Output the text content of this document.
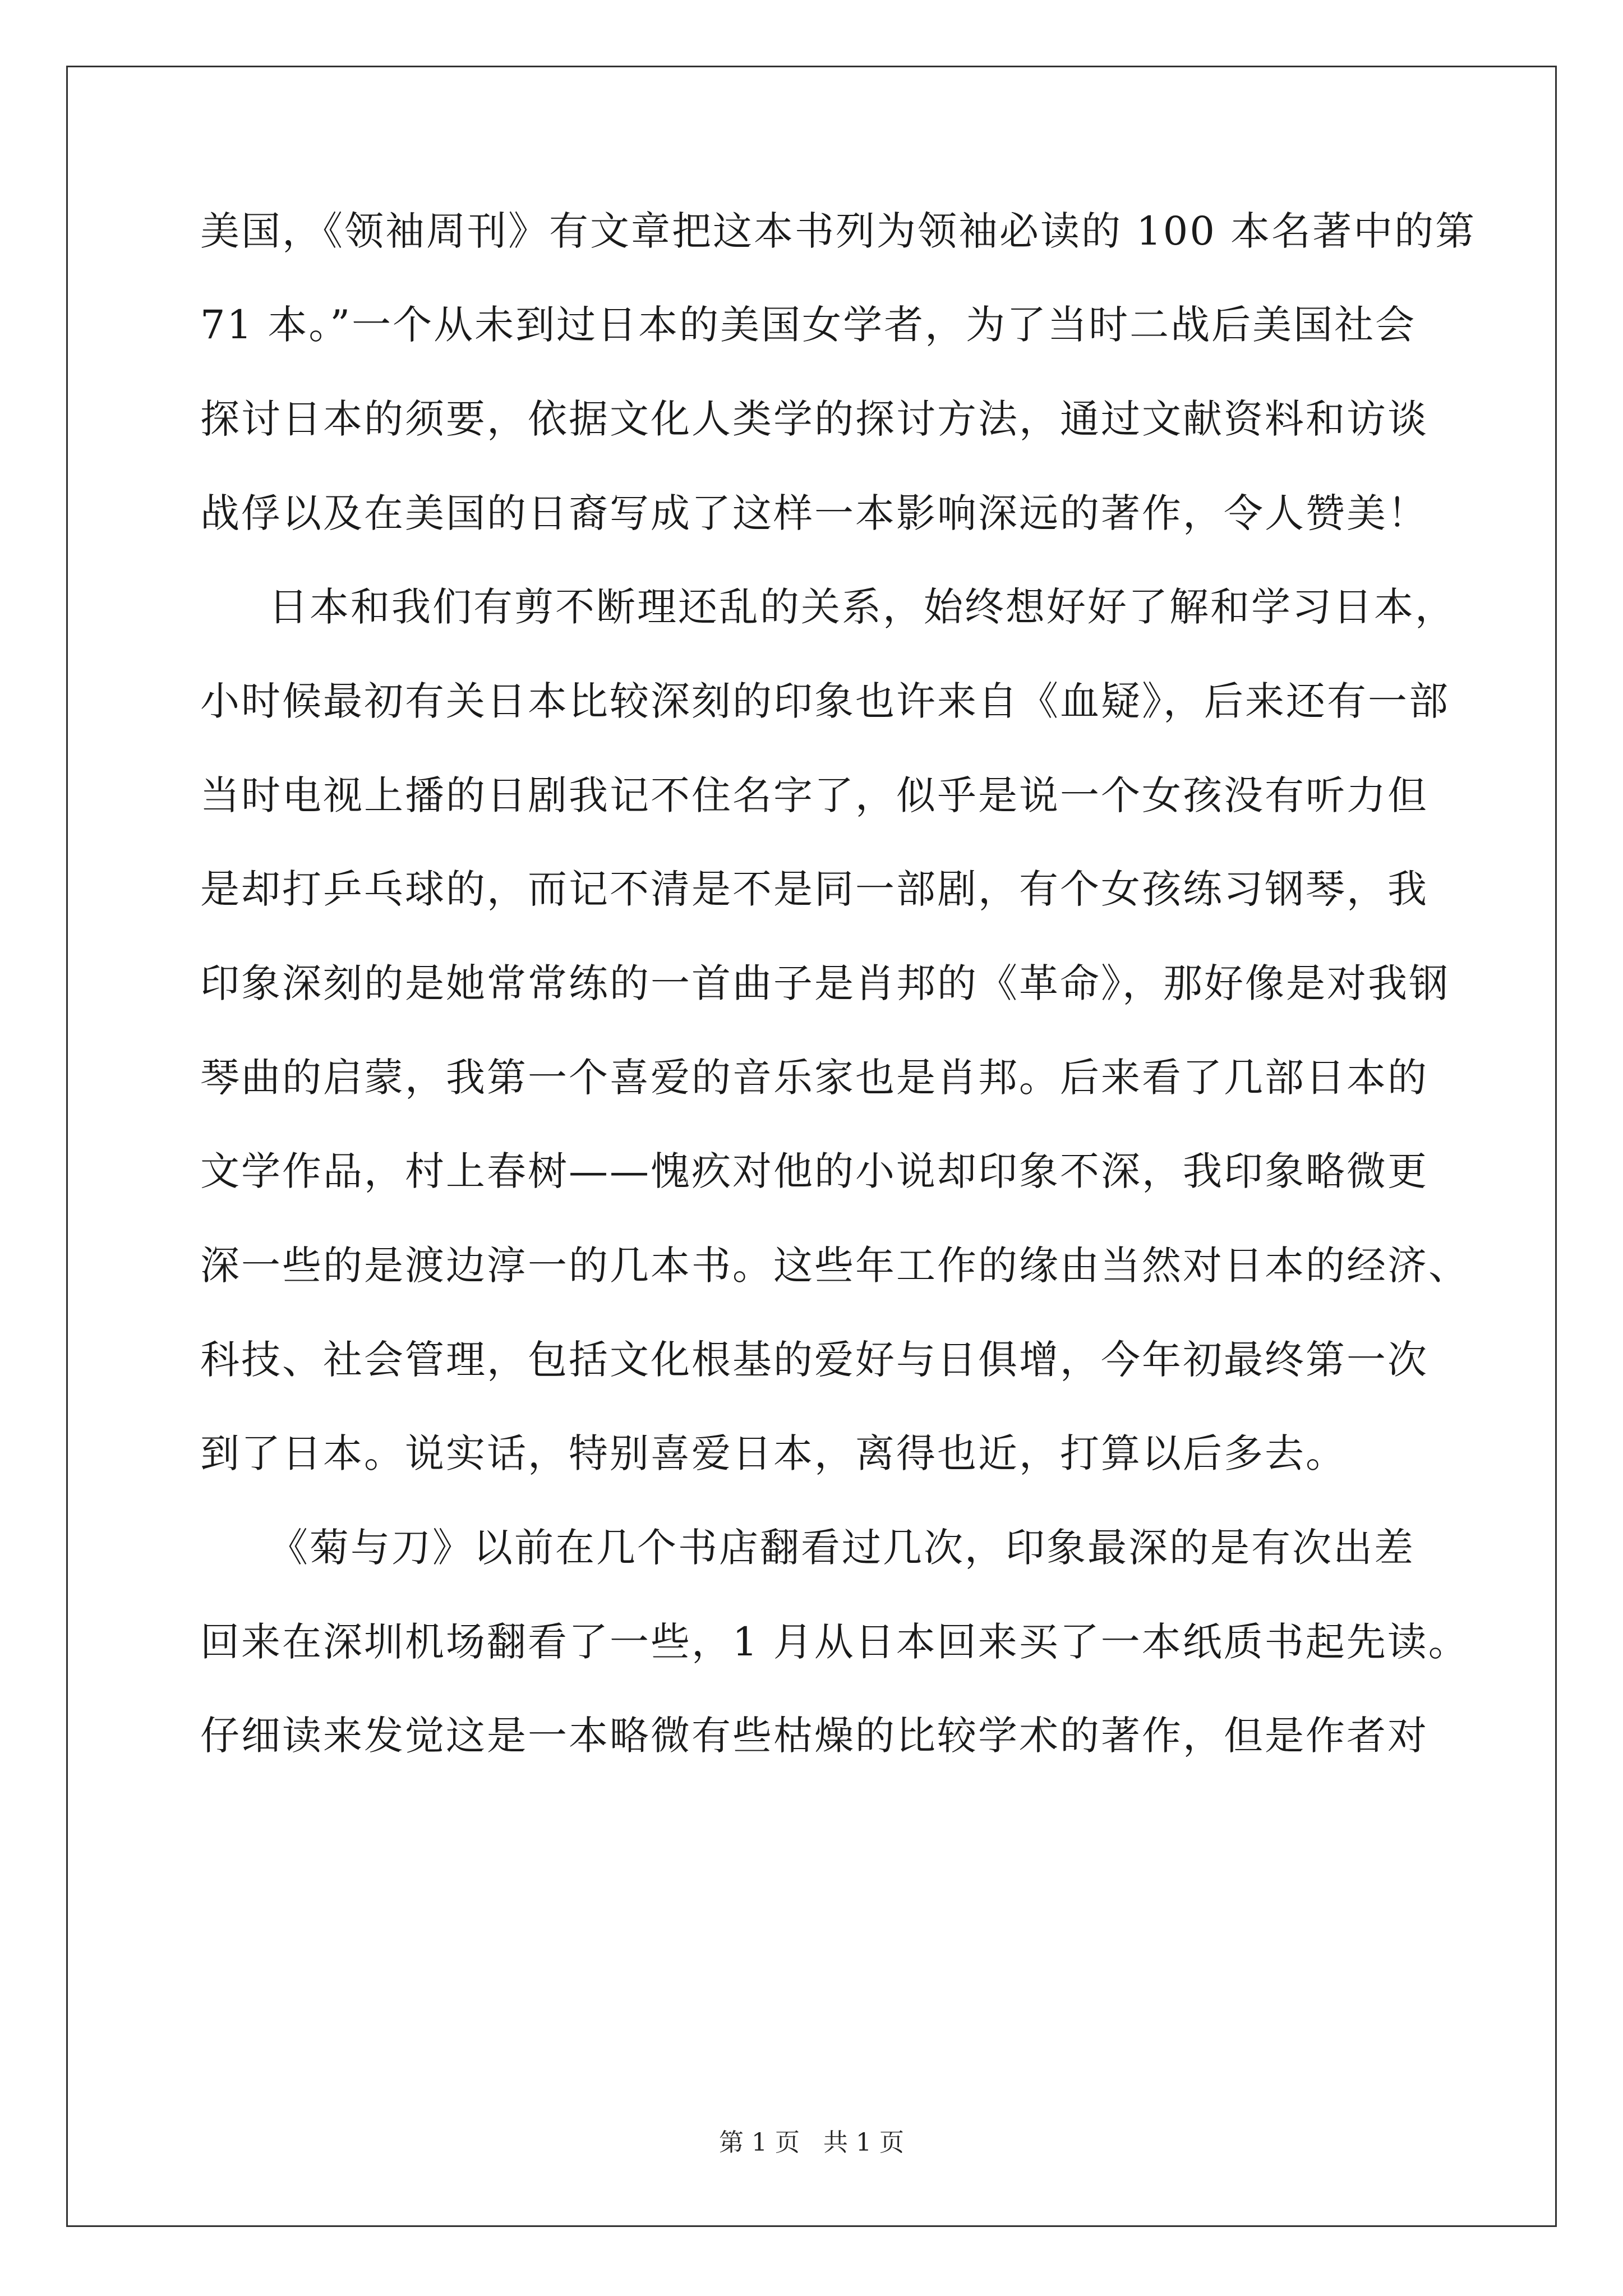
美国，《领袖周刊》有文章把这本书列为领袖必读的 100 本名著中的第
71 本。”一个从未到过日本的美国女学者，为了当时二战后美国社会
探讨日本的须要，依据文化人类学的探讨方法，通过文献资料和访谈
战俘以及在美国的日裔写成了这样一本影响深远的著作，令人赞美！
日本和我们有剪不断理还乱的关系，始终想好好了解和学习日本，
小时候最初有关日本比较深刻的印象也许来自《血疑》，后来还有一部
当时电视上播的日剧我记不住名字了，似乎是说一个女孩没有听力但
是却打乒乓球的，而记不清是不是同一部剧，有个女孩练习钢琴，我
印象深刻的是她常常练的一首曲子是肖邦的《革命》，那好像是对我钢
琴曲的启蒙，我第一个喜爱的音乐家也是肖邦。后来看了几部日本的
文学作品，村上春树——愧疚对他的小说却印象不深，我印象略微更
深一些的是渡边淳一的几本书。这些年工作的缘由当然对日本的经济、
科技、社会管理，包括文化根基的爱好与日俱增，今年初最终第一次
到了日本。说实话，特别喜爱日本，离得也近，打算以后多去。
《菊与刀》以前在几个书店翻看过几次，印象最深的是有次出差
回来在深圳机场翻看了一些，1 月从日本回来买了一本纸质书起先读。
仔细读来发觉这是一本略微有些枯燥的比较学术的著作，但是作者对
第 1 页 共 1 页
